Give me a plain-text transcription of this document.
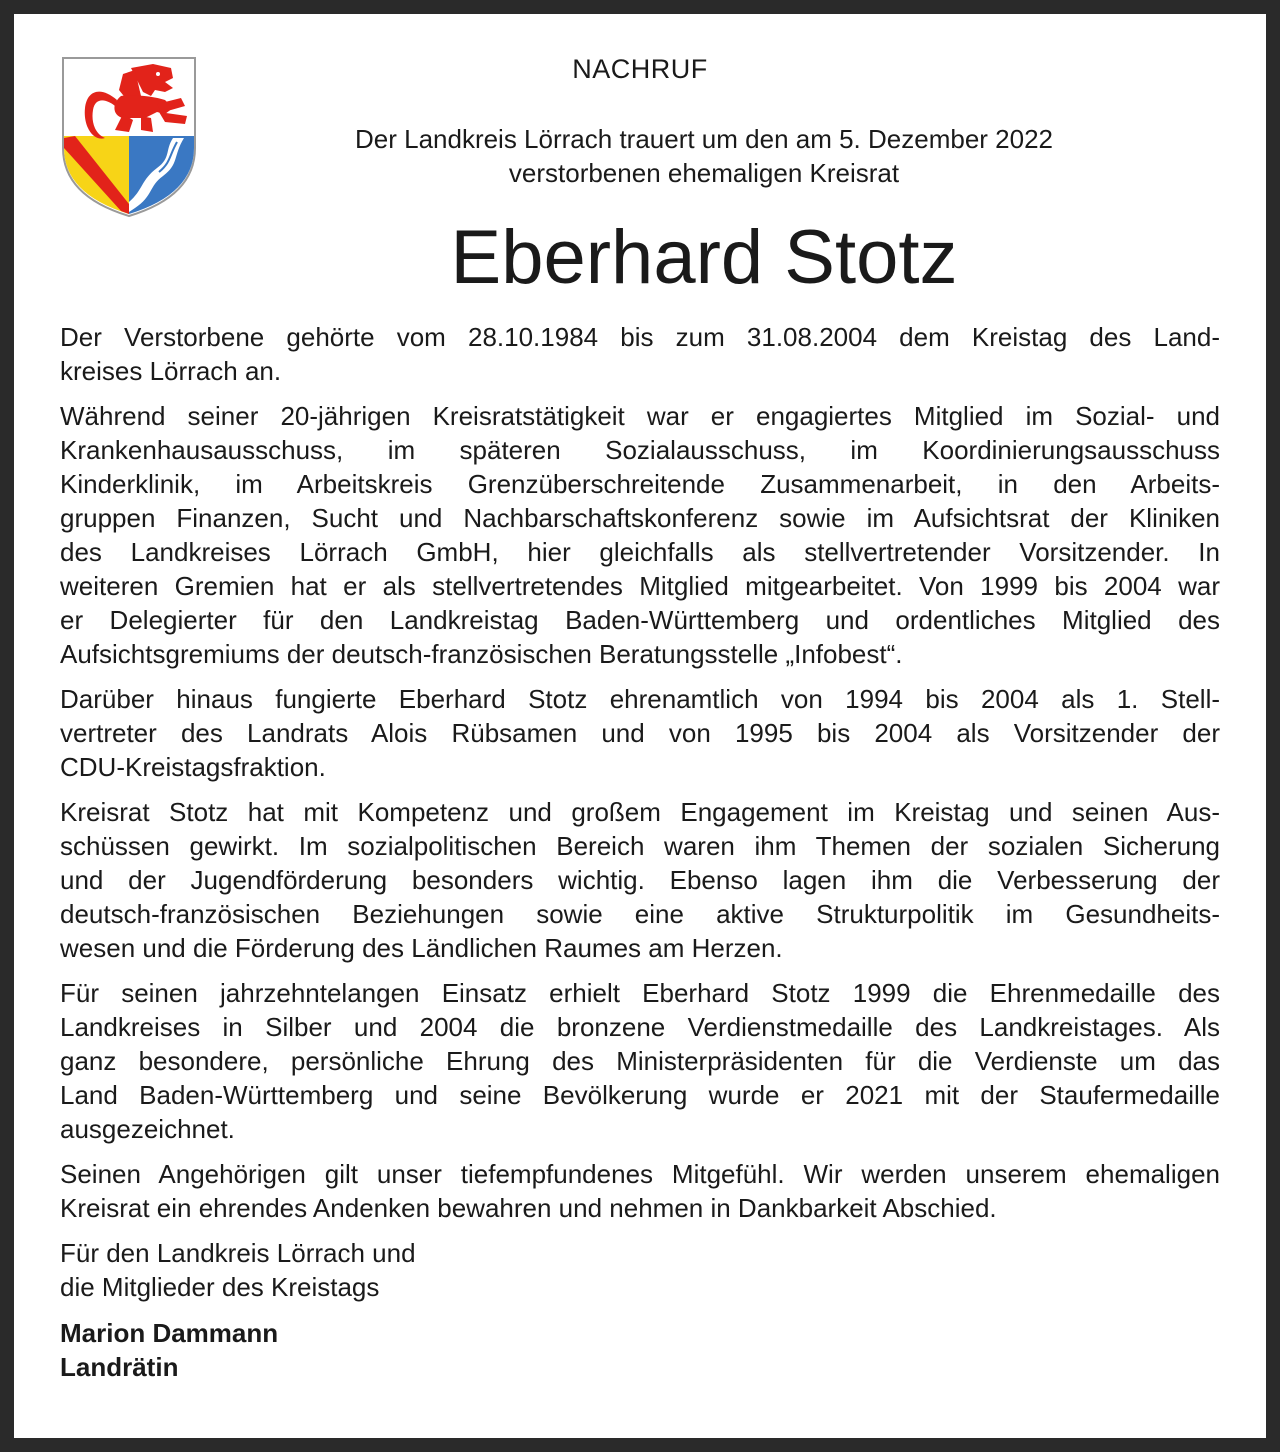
NACHRUF
Der Landkreis Lörrach trauert um den am 5. Dezember 2022
verstorbenen ehemaligen Kreisrat
Eberhard Stotz
Der Verstorbene gehörte vom 28.10.1984 bis zum 31.08.2004 dem Kreistag des Land-
kreises Lörrach an.
Während seiner 20-jährigen Kreisratstätigkeit war er engagiertes Mitglied im Sozial- und
Krankenhausausschuss, im späteren Sozialausschuss, im Koordinierungsausschuss
Kinderklinik, im Arbeitskreis Grenzüberschreitende Zusammenarbeit, in den Arbeits-
gruppen Finanzen, Sucht und Nachbarschaftskonferenz sowie im Aufsichtsrat der Kliniken
des Landkreises Lörrach GmbH, hier gleichfalls als stellvertretender Vorsitzender. In
weiteren Gremien hat er als stellvertretendes Mitglied mitgearbeitet. Von 1999 bis 2004 war
er Delegierter für den Landkreistag Baden-Württemberg und ordentliches Mitglied des
Aufsichtsgremiums der deutsch-französischen Beratungsstelle „Infobest“.
Darüber hinaus fungierte Eberhard Stotz ehrenamtlich von 1994 bis 2004 als 1. Stell-
vertreter des Landrats Alois Rübsamen und von 1995 bis 2004 als Vorsitzender der
CDU-Kreistagsfraktion.
Kreisrat Stotz hat mit Kompetenz und großem Engagement im Kreistag und seinen Aus-
schüssen gewirkt. Im sozialpolitischen Bereich waren ihm Themen der sozialen Sicherung
und der Jugendförderung besonders wichtig. Ebenso lagen ihm die Verbesserung der
deutsch-französischen Beziehungen sowie eine aktive Strukturpolitik im Gesundheits-
wesen und die Förderung des Ländlichen Raumes am Herzen.
Für seinen jahrzehntelangen Einsatz erhielt Eberhard Stotz 1999 die Ehrenmedaille des
Landkreises in Silber und 2004 die bronzene Verdienstmedaille des Landkreistages. Als
ganz besondere, persönliche Ehrung des Ministerpräsidenten für die Verdienste um das
Land Baden-Württemberg und seine Bevölkerung wurde er 2021 mit der Staufermedaille
ausgezeichnet.
Seinen Angehörigen gilt unser tiefempfundenes Mitgefühl. Wir werden unserem ehemaligen
Kreisrat ein ehrendes Andenken bewahren und nehmen in Dankbarkeit Abschied.
Für den Landkreis Lörrach und
die Mitglieder des Kreistags
Marion Dammann
Landrätin
